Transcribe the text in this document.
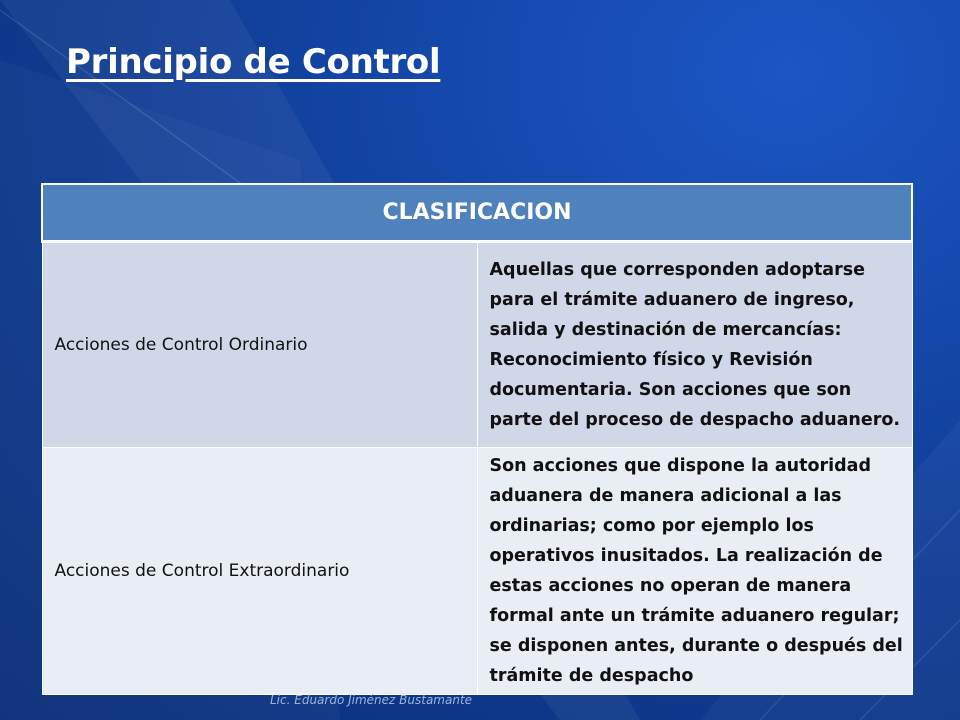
Principio de Control
CLASIFICACION	
Acciones de Control Ordinario	Aquellas que corresponden adoptarse para el trámite aduanero de ingreso, salida y destinación de mercancías: Reconocimiento físico y Revisión documentaria. Son acciones que son parte del proceso de despacho aduanero.
Acciones de Control Extraordinario	Son acciones que dispone la autoridad aduanera de manera adicional a las ordinarias; como por ejemplo los operativos inusitados. La realización de estas acciones no operan de manera formal ante un trámite aduanero regular; se disponen antes, durante o después del trámite de despacho
Lic. Eduardo Jiménez Bustamante
